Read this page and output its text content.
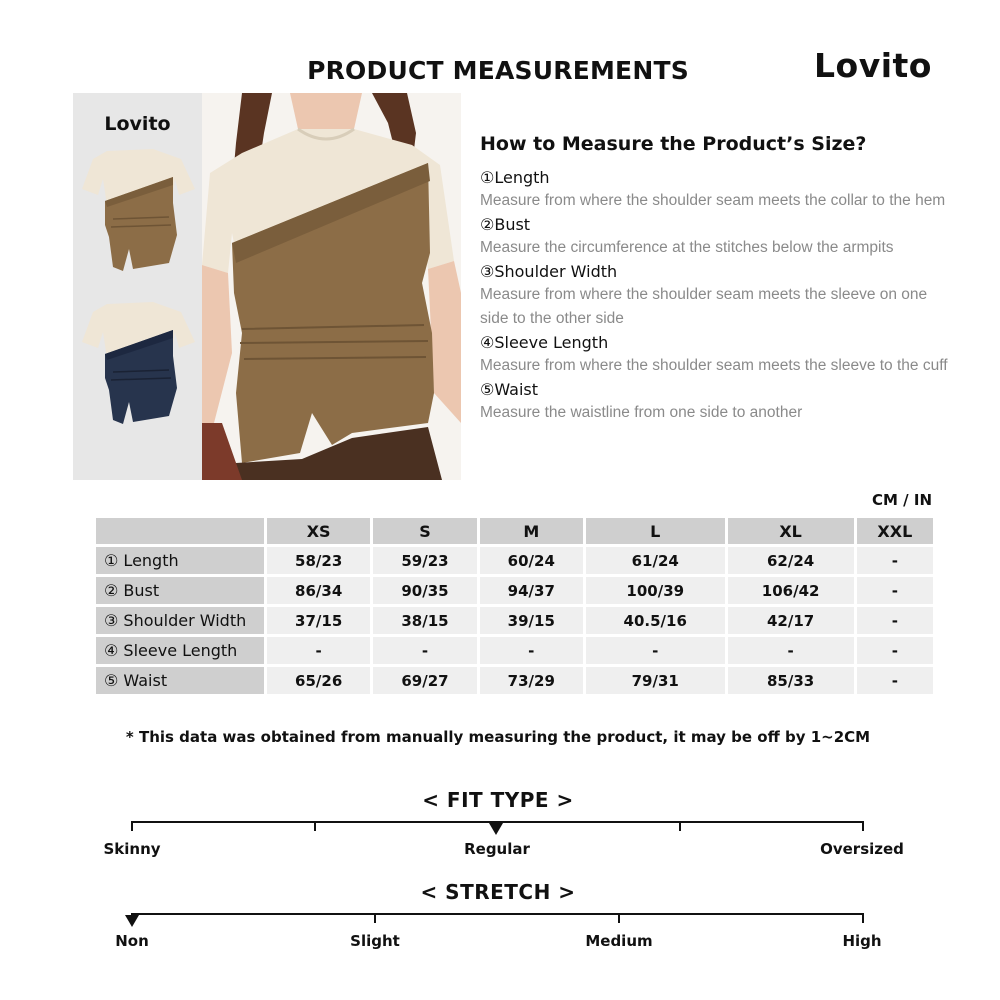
PRODUCT MEASUREMENTS	Lovito
Lovito
How to Measure the Product’s Size?
①Length
Measure from where the shoulder seam meets the collar to the hem
②Bust
Measure the circumference at the stitches below the armpits
③Shoulder Width
Measure from where the shoulder seam meets the sleeve on one side to the other side
④Sleeve Length
Measure from where the shoulder seam meets the sleeve to the cuff
⑤Waist
Measure the waistline from one side to another
CM / IN
	XS	S	M	L	XL	XXL
① Length	58/23	59/23	60/24	61/24	62/24	-
② Bust	86/34	90/35	94/37	100/39	106/42	-
③ Shoulder Width	37/15	38/15	39/15	40.5/16	42/17	-
④ Sleeve Length	-	-	-	-	-	-
⑤ Waist	65/26	69/27	73/29	79/31	85/33	-
* This data was obtained from manually measuring the product, it may be off by 1~2CM
< FIT TYPE >
Skinny	Regular	Oversized
< STRETCH >
Non	Slight	Medium	High
